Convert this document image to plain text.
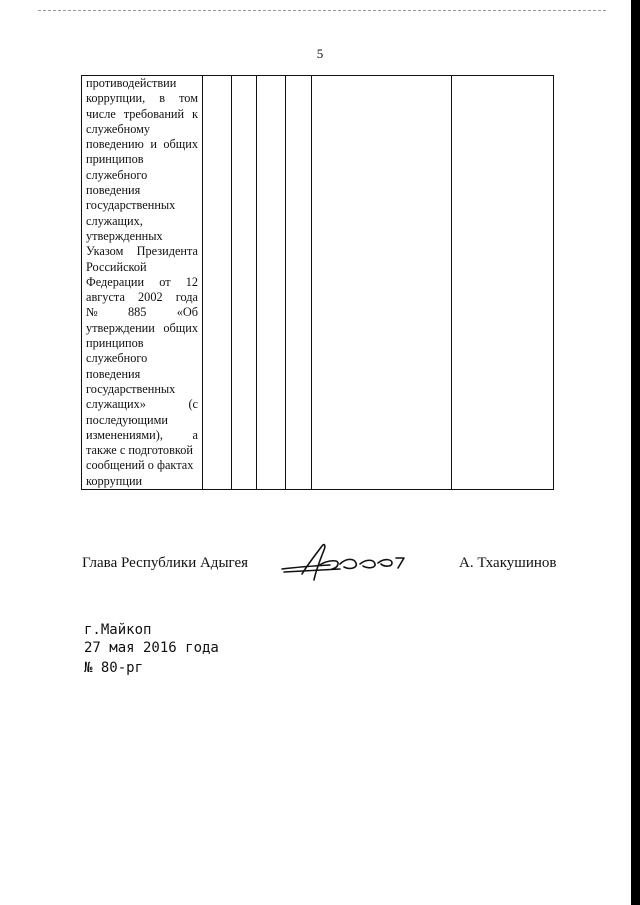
5
противодействии
коррупции, в том
числе требований к
служебному
поведению и общих
принципов
служебного
поведения
государственных
служащих,
утвержденных
Указом Президента
Российской
Федерации от 12
августа 2002 года
№ 885 «Об
утверждении общих
принципов
служебного
поведения
государственных
служащих»	(с
последующими
изменениями), а
также с подготовкой
сообщений о фактах
коррупции

Глава Республики Адыгея	А. Тхакушинов
г.Майкоп
27 мая 2016 года
№ 80-рг
